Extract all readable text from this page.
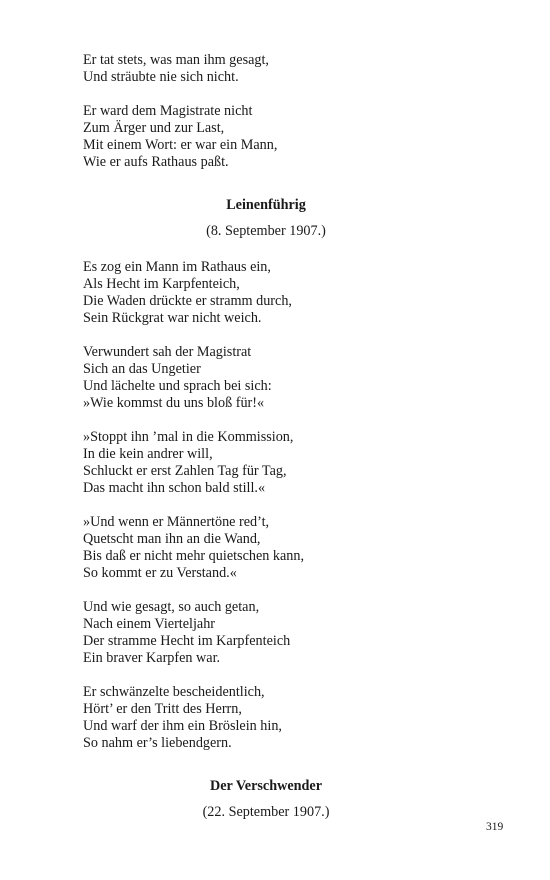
Er tat stets, was man ihm gesagt,
Und sträubte nie sich nicht.
Er ward dem Magistrate nicht
Zum Ärger und zur Last,
Mit einem Wort: er war ein Mann,
Wie er aufs Rathaus paßt.
Leinenführig
(8. September 1907.)
Es zog ein Mann im Rathaus ein,
Als Hecht im Karpfenteich,
Die Waden drückte er stramm durch,
Sein Rückgrat war nicht weich.
Verwundert sah der Magistrat
Sich an das Ungetier
Und lächelte und sprach bei sich:
»Wie kommst du uns bloß für!«
»Stoppt ihn ’mal in die Kommission,
In die kein andrer will,
Schluckt er erst Zahlen Tag für Tag,
Das macht ihn schon bald still.«
»Und wenn er Männertöne red’t,
Quetscht man ihn an die Wand,
Bis daß er nicht mehr quietschen kann,
So kommt er zu Verstand.«
Und wie gesagt, so auch getan,
Nach einem Vierteljahr
Der stramme Hecht im Karpfenteich
Ein braver Karpfen war.
Er schwänzelte bescheidentlich,
Hört’ er den Tritt des Herrn,
Und warf der ihm ein Bröslein hin,
So nahm er’s liebendgern.
Der Verschwender
(22. September 1907.)
319
